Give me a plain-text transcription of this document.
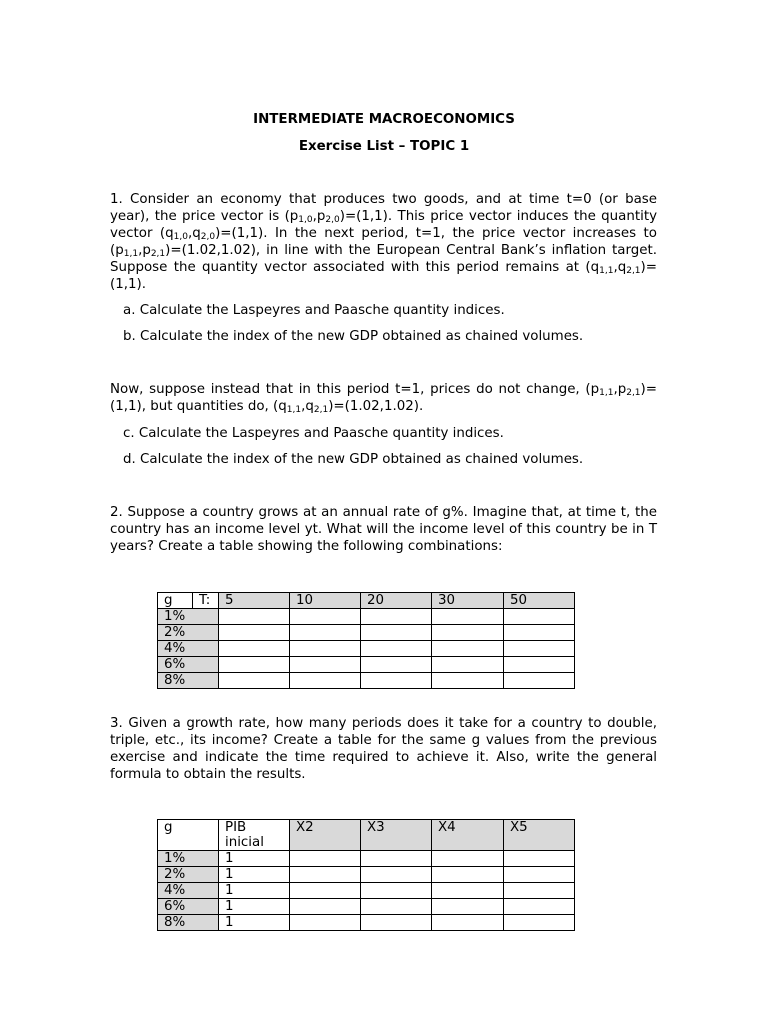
INTERMEDIATE MACROECONOMICS
Exercise List – TOPIC 1
1. Consider an economy that produces two goods, and at time t=0 (or base year), the price vector is $(p_{1,0},p_{2,0})=(1,1)$. This price vector induces the quantity vector $(q_{1,0},q_{2,0})=(1,1)$. In the next period, t=1, the price vector increases to $(p_{1,1},p_{2,1})=(1.02,1.02)$, in line with the European Central Bank’s inflation target. Suppose the quantity vector associated with this period remains at $(q_{1,1},q_{2,1})=(1,1)$.
a. Calculate the Laspeyres and Paasche quantity indices.
b. Calculate the index of the new GDP obtained as chained volumes.
Now, suppose instead that in this period t=1, prices do not change, $(p_{1,1},p_{2,1})=(1,1)$, but quantities do, $(q_{1,1},q_{2,1})=(1.02,1.02)$.
c. Calculate the Laspeyres and Paasche quantity indices.
d. Calculate the index of the new GDP obtained as chained volumes.
2. Suppose a country grows at an annual rate of g%. Imagine that, at time t, the country has an income level yt. What will the income level of this country be in T years? Create a table showing the following combinations:
g	T:	5	10	20	30	50
1%						
2%						
4%						
6%						
8%						
3. Given a growth rate, how many periods does it take for a country to double, triple, etc., its income? Create a table for the same g values from the previous exercise and indicate the time required to achieve it. Also, write the general formula to obtain the results.
g	PIB inicial	X2	X3	X4	X5
1%	1				
2%	1				
4%	1				
6%	1				
8%	1				
